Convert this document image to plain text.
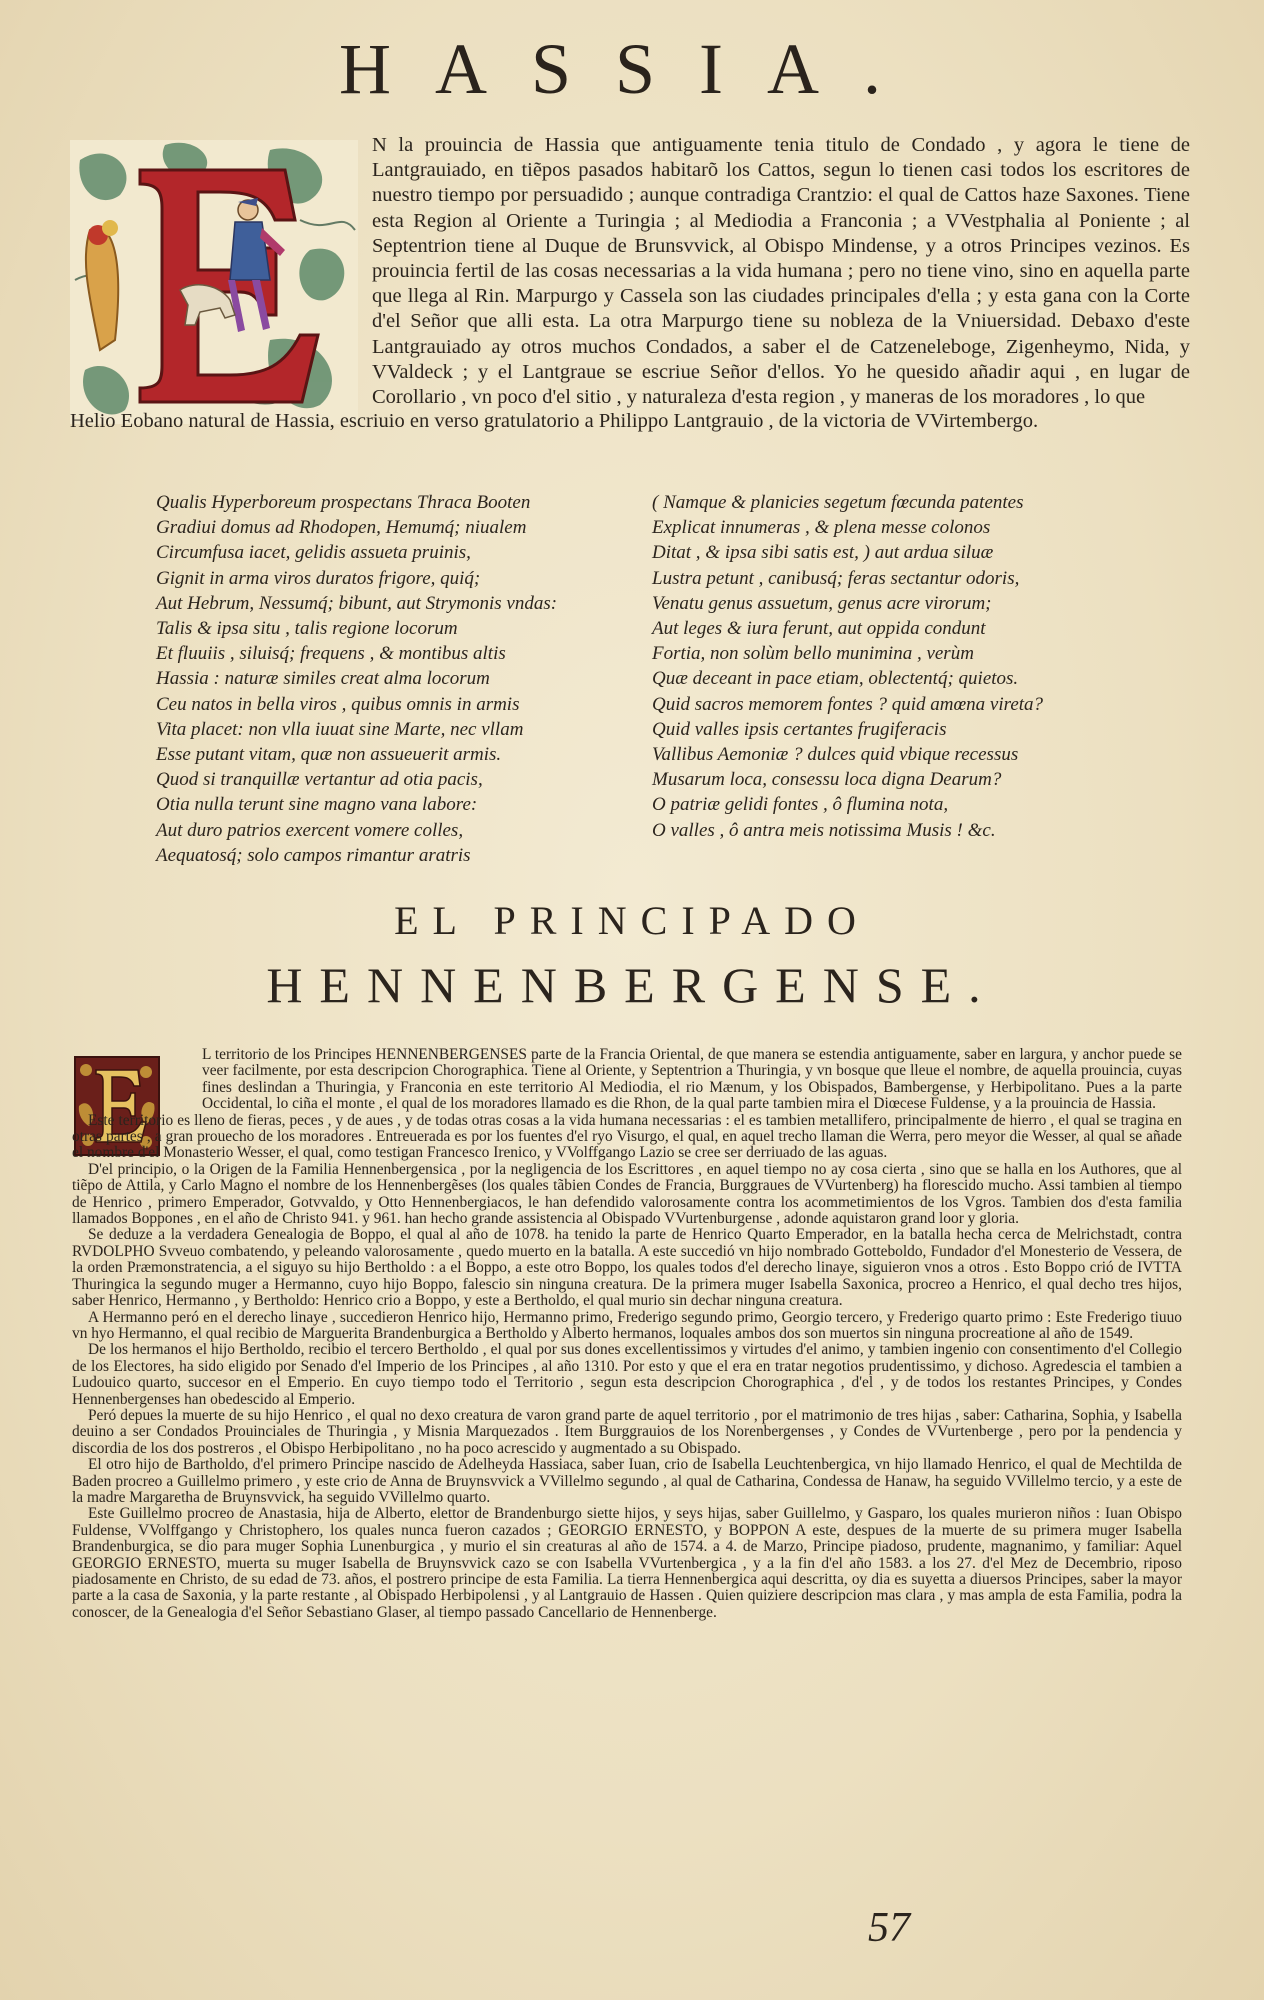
HASSIA.
N la prouincia de Hassia que antiguamente tenia titulo de Condado , y agora le tiene de Lantgrauiado, en tiẽpos pasados habitarõ los Cattos, segun lo tienen casi todos los escritores de nuestro tiempo por persuadido ; aunque contradiga Crantzio: el qual de Cattos haze Saxones. Tiene esta Region al Oriente a Turingia ; al Mediodia a Franconia ; a VVestphalia al Poniente ; al Septentrion tiene al Duque de Brunsvvick, al Obispo Mindense, y a otros Principes vezinos. Es prouincia fertil de las cosas necessarias a la vida humana ; pero no tiene vino, sino en aquella parte que llega al Rin. Marpurgo y Cassela son las ciudades principales d'ella ; y esta gana con la Corte d'el Señor que alli esta. La otra Marpurgo tiene su nobleza de la Vniuersidad. Debaxo d'este Lantgrauiado ay otros muchos Condados, a saber el de Catzeneleboge, Zigenheymo, Nida, y VValdeck ; y el Lantgraue se escriue Señor d'ellos. Yo he quesido añadir aqui , en lugar de Corollario , vn poco d'el sitio , y naturaleza d'esta region , y maneras de los moradores , lo que
Helio Eobano natural de Hassia, escriuio en verso gratulatorio a Philippo Lantgrauio , de la victoria de VVirtembergo.
Qualis Hyperboreum prospectans Thraca Booten
Gradiui domus ad Rhodopen, Hemumq́; niualem
Circumfusa iacet, gelidis assueta pruinis,
Gignit in arma viros duratos frigore, quiq́;
Aut Hebrum, Nessumq́; bibunt, aut Strymonis vndas:
Talis & ipsa situ , talis regione locorum
Et fluuiis , siluisq́; frequens , & montibus altis
Hassia : naturæ similes creat alma locorum
Ceu natos in bella viros , quibus omnis in armis
Vita placet: non vlla iuuat sine Marte, nec vllam
Esse putant vitam, quæ non assueuerit armis.
Quod si tranquillæ vertantur ad otia pacis,
Otia nulla terunt sine magno vana labore:
Aut duro patrios exercent vomere colles,
Aequatosq́; solo campos rimantur aratris
( Namque & planicies segetum fœcunda patentes
Explicat innumeras , & plena messe colonos
Ditat , & ipsa sibi satis est, ) aut ardua siluæ
Lustra petunt , canibusq́; feras sectantur odoris,
Venatu genus assuetum, genus acre virorum;
Aut leges & iura ferunt, aut oppida condunt
Fortia, non solùm bello munimina , verùm
Quæ deceant in pace etiam, oblectentq́; quietos.
Quid sacros memorem fontes ? quid amœna vireta?
Quid valles ipsis certantes frugiferacis
Vallibus Aemoniæ ? dulces quid vbique recessus
Musarum loca, consessu loca digna Dearum?
O patriæ gelidi fontes , ô flumina nota,
O valles , ô antra meis notissima Musis ! &c.
EL PRINCIPADO
HENNENBERGENSE.

L territorio de los Principes HENNENBERGENSES parte de la Francia Oriental, de que manera se estendia antiguamente, saber en largura, y anchor puede se veer facilmente, por esta descripcion Chorographica. Tiene al Oriente, y Septentrion a Thuringia, y vn bosque que lleue el nombre, de aquella prouincia, cuyas fines deslindan a Thuringia, y Franconia en este territorio Al Mediodia, el rio Mænum, y los Obispados, Bambergense, y Herbipolitano. Pues a la parte Occidental, lo ciña el monte , el qual de los moradores llamado es die Rhon, de la qual parte tambien mira el Diœcese Fuldense, y a la prouincia de Hassia.

Este territorio es lleno de fieras, peces , y de aues , y de todas otras cosas a la vida humana necessarias : el es tambien metallifero, principalmente de hierro , el qual se tragina en otras partes , a gran prouecho de los moradores . Entreuerada es por los fuentes d'el ryo Visurgo, el qual, en aquel trecho llaman die Werra, pero meyor die Wesser, al qual se añade el nombre d'el Monasterio Wesser, el qual, como testigan Francesco Irenico, y VVolffgango Lazio se cree ser derriuado de las aguas.

D'el principio, o la Origen de la Familia Hennenbergensica , por la negligencia de los Escrittores , en aquel tiempo no ay cosa cierta , sino que se halla en los Authores, que al tiẽpo de Attila, y Carlo Magno el nombre de los Hennenbergẽses (los quales tãbien Condes de Francia, Burggraues de VVurtenberg) ha florescido mucho. Assi tambien al tiempo de Henrico , primero Emperador, Gotvvaldo, y Otto Hennenbergiacos, le han defendido valorosamente contra los acommetimientos de los Vgros. Tambien dos d'esta familia llamados Boppones , en el año de Christo 941. y 961. han hecho grande assistencia al Obispado VVurtenburgense , adonde aquistaron grand loor y gloria.

Se deduze a la verdadera Genealogia de Boppo, el qual al año de 1078. ha tenido la parte de Henrico Quarto Emperador, en la batalla hecha cerca de Melrichstadt, contra RVDOLPHO Svveuo combatendo, y peleando valorosamente , quedo muerto en la batalla. A este succedió vn hijo nombrado Gotteboldo, Fundador d'el Monesterio de Vessera, de la orden Præmonstratencia, a el siguyo su hijo Bertholdo : a el Boppo, a este otro Boppo, los quales todos d'el derecho linaye, siguieron vnos a otros . Esto Boppo crió de IVTTA Thuringica la segundo muger a Hermanno, cuyo hijo Boppo, falescio sin ninguna creatura. De la primera muger Isabella Saxonica, procreo a Henrico, el qual decho tres hijos, saber Henrico, Hermanno , y Bertholdo: Henrico crio a Boppo, y este a Bertholdo, el qual murio sin dechar ninguna creatura.

A Hermanno peró en el derecho linaye , succedieron Henrico hijo, Hermanno primo, Frederigo segundo primo, Georgio tercero, y Frederigo quarto primo : Este Frederigo tiuuo vn hyo Hermanno, el qual recibio de Marguerita Brandenburgica a Bertholdo y Alberto hermanos, loquales ambos dos son muertos sin ninguna procreatione al año de 1549.

De los hermanos el hijo Bertholdo, recibio el tercero Bertholdo , el qual por sus dones excellentissimos y virtudes d'el animo, y tambien ingenio con consentimento d'el Collegio de los Electores, ha sido eligido por Senado d'el Imperio de los Principes , al año 1310. Por esto y que el era en tratar negotios prudentissimo, y dichoso. Agredescia el tambien a Ludouico quarto, succesor en el Emperio. En cuyo tiempo todo el Territorio , segun esta descripcion Chorographica , d'el , y de todos los restantes Principes, y Condes Hennenbergenses han obedescido al Emperio.

Peró depues la muerte de su hijo Henrico , el qual no dexo creatura de varon grand parte de aquel territorio , por el matrimonio de tres hijas , saber: Catharina, Sophia, y Isabella deuino a ser Condados Prouinciales de Thuringia , y Misnia Marquezados . Item Burggrauios de los Norenbergenses , y Condes de VVurtenberge , pero por la pendencia y discordia de los dos postreros , el Obispo Herbipolitano , no ha poco acrescido y augmentado a su Obispado.

El otro hijo de Bartholdo, d'el primero Principe nascido de Adelheyda Hassiaca, saber Iuan, crio de Isabella Leuchtenbergica, vn hijo llamado Henrico, el qual de Mechtilda de Baden procreo a Guillelmo primero , y este crio de Anna de Bruynsvvick a VVillelmo segundo , al qual de Catharina, Condessa de Hanaw, ha seguido VVillelmo tercio, y a este de la madre Margaretha de Bruynsvvick, ha seguido VVillelmo quarto.

Este Guillelmo procreo de Anastasia, hija de Alberto, elettor de Brandenburgo siette hijos, y seys hijas, saber Guillelmo, y Gasparo, los quales murieron niños : Iuan Obispo Fuldense, VVolffgango y Christophero, los quales nunca fueron cazados ; GEORGIO ERNESTO, y BOPPON A este, despues de la muerte de su primera muger Isabella Brandenburgica, se dio para muger Sophia Lunenburgica , y murio el sin creaturas al año de 1574. a 4. de Marzo, Principe piadoso, prudente, magnanimo, y familiar: Aquel GEORGIO ERNESTO, muerta su muger Isabella de Bruynsvvick cazo se con Isabella VVurtenbergica , y a la fin d'el año 1583. a los 27. d'el Mez de Decembrio, riposo piadosamente en Christo, de su edad de 73. años, el postrero principe de esta Familia. La tierra Hennenbergica aqui descritta, oy dia es suyetta a diuersos Principes, saber la mayor parte a la casa de Saxonia, y la parte restante , al Obispado Herbipolensi , y al Lantgrauio de Hassen . Quien quiziere descripcion mas clara , y mas ampla de esta Familia, podra la conoscer, de la Genealogia d'el Señor Sebastiano Glaser, al tiempo passado Cancellario de Hennenberge.

57
